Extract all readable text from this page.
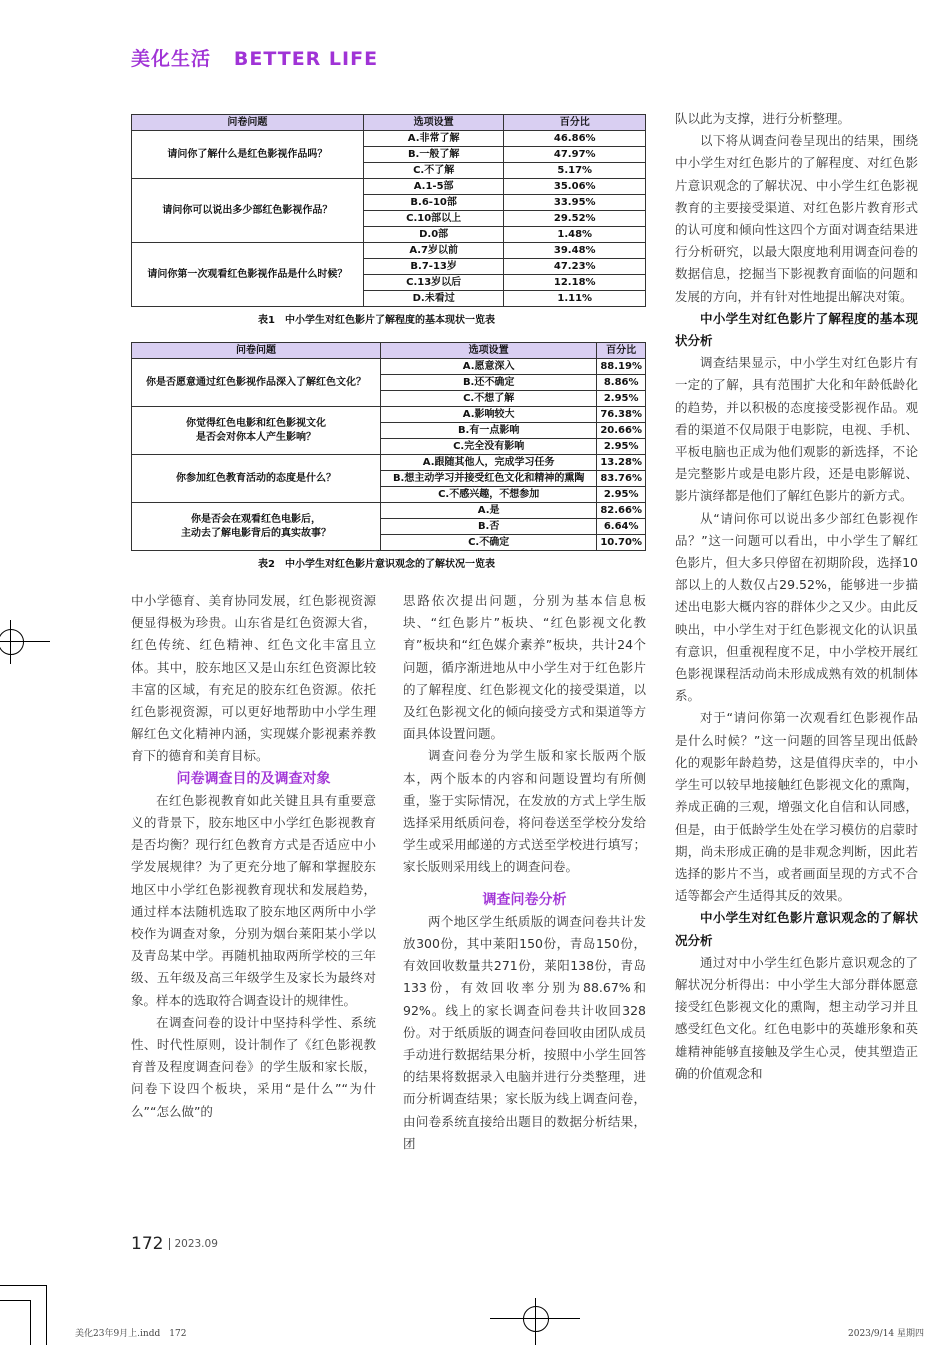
美化生活 BETTER LIFE
问卷问题	选项设置	百分比
请问你了解什么是红色影视作品吗？	A.非常了解	46.86%
	B.一般了解	47.97%
	C.不了解	5.17%
请问你可以说出多少部红色影视作品？	A.1-5部	35.06%
	B.6-10部	33.95%
	C.10部以上	29.52%
	D.0部	1.48%
请问你第一次观看红色影视作品是什么时候？	A.7岁以前	39.48%
	B.7-13岁	47.23%
	C.13岁以后	12.18%
	D.未看过	1.11%
表1　中小学生对红色影片了解程度的基本现状一览表
问卷问题	选项设置	百分比
你是否愿意通过红色影视作品深入了解红色文化？	A.愿意深入	88.19%
	B.还不确定	8.86%
	C.不想了解	2.95%

你觉得红色电影和红色影视文化
是否会对你本人产生影响？	A.影响较大	76.38%
	B.有一点影响	20.66%
	C.完全没有影响	2.95%
你参加红色教育活动的态度是什么？	A.跟随其他人，完成学习任务	13.28%
	B.想主动学习并接受红色文化和精神的熏陶	83.76%
	C.不感兴趣，不想参加	2.95%

你是否会在观看红色电影后，
主动去了解电影背后的真实故事？	A.是	82.66%
	B.否	6.64%
	C.不确定	10.70%
表2　中小学生对红色影片意识观念的了解状况一览表

中小学德育、美育协同发展，红色影视资源便显得极为珍贵。山东省是红色资源大省，红色传统、红色精神、红色文化丰富且立体。其中，胶东地区又是山东红色资源比较丰富的区域，有充足的胶东红色资源。依托红色影视资源，可以更好地帮助中小学生理解红色文化精神内涵，实现媒介影视素养教育下的德育和美育目标。

问卷调查目的及调查对象

在红色影视教育如此关键且具有重要意义的背景下，胶东地区中小学红色影视教育是否均衡？现行红色教育方式是否适应中小学发展规律？为了更充分地了解和掌握胶东地区中小学红色影视教育现状和发展趋势，通过样本法随机选取了胶东地区两所中小学校作为调查对象，分别为烟台莱阳某小学以及青岛某中学。再随机抽取两所学校的三年级、五年级及高三年级学生及家长为最终对象。样本的选取符合调查设计的规律性。

在调查问卷的设计中坚持科学性、系统性、时代性原则，设计制作了《红色影视教育普及程度调查问卷》的学生版和家长版，问卷下设四个板块，采用“是什么”“为什么”“怎么做”的

思路依次提出问题，分别为基本信息板块、“红色影片”板块、“红色影视文化教育”板块和“红色媒介素养”板块，共计24个问题，循序渐进地从中小学生对于红色影片的了解程度、红色影视文化的接受渠道，以及红色影视文化的倾向接受方式和渠道等方面具体设置问题。

调查问卷分为学生版和家长版两个版本，两个版本的内容和问题设置均有所侧重，鉴于实际情况，在发放的方式上学生版选择采用纸质问卷，将问卷送至学校分发给学生或采用邮递的方式送至学校进行填写；家长版则采用线上的调查问卷。

调查问卷分析

两个地区学生纸质版的调查问卷共计发放300份，其中莱阳150份，青岛150份，有效回收数量共271份，莱阳138份，青岛133份，有效回收率分别为88.67%和92%。线上的家长调查问卷共计收回328份。对于纸质版的调查问卷回收由团队成员手动进行数据结果分析，按照中小学生回答的结果将数据录入电脑并进行分类整理，进而分析调查结果；家长版为线上调查问卷，由问卷系统直接给出题目的数据分析结果，团

队以此为支撑，进行分析整理。

以下将从调查问卷呈现出的结果，围绕中小学生对红色影片的了解程度、对红色影片意识观念的了解状况、中小学生红色影视教育的主要接受渠道、对红色影片教育形式的认可度和倾向性这四个方面对调查结果进行分析研究，以最大限度地利用调查问卷的数据信息，挖掘当下影视教育面临的问题和发展的方向，并有针对性地提出解决对策。

中小学生对红色影片了解程度的基本现状分析

调查结果显示，中小学生对红色影片有一定的了解，具有范围扩大化和年龄低龄化的趋势，并以积极的态度接受影视作品。观看的渠道不仅局限于电影院，电视、手机、平板电脑也正成为他们观影的新选择，不论是完整影片或是电影片段，还是电影解说、影片演绎都是他们了解红色影片的新方式。

从“请问你可以说出多少部红色影视作品？”这一问题可以看出，中小学生了解红色影片，但大多只停留在初期阶段，选择10部以上的人数仅占29.52%，能够进一步描述出电影大概内容的群体少之又少。由此反映出，中小学生对于红色影视文化的认识虽有意识，但重视程度不足，中小学校开展红色影视课程活动尚未形成成熟有效的机制体系。

对于“请问你第一次观看红色影视作品是什么时候？”这一问题的回答呈现出低龄化的观影年龄趋势，这是值得庆幸的，中小学生可以较早地接触红色影视文化的熏陶，养成正确的三观，增强文化自信和认同感，但是，由于低龄学生处在学习模仿的启蒙时期，尚未形成正确的是非观念判断，因此若选择的影片不当，或者画面呈现的方式不合适等都会产生适得其反的效果。

中小学生对红色影片意识观念的了解状况分析

通过对中小学生红色影片意识观念的了解状况分析得出：中小学生大部分群体愿意接受红色影视文化的熏陶，想主动学习并且感受红色文化。红色电影中的英雄形象和英雄精神能够直接触及学生心灵，使其塑造正确的价值观念和

172 2023.09
美化23年9月上.indd　172	2023/9/14 星期四
